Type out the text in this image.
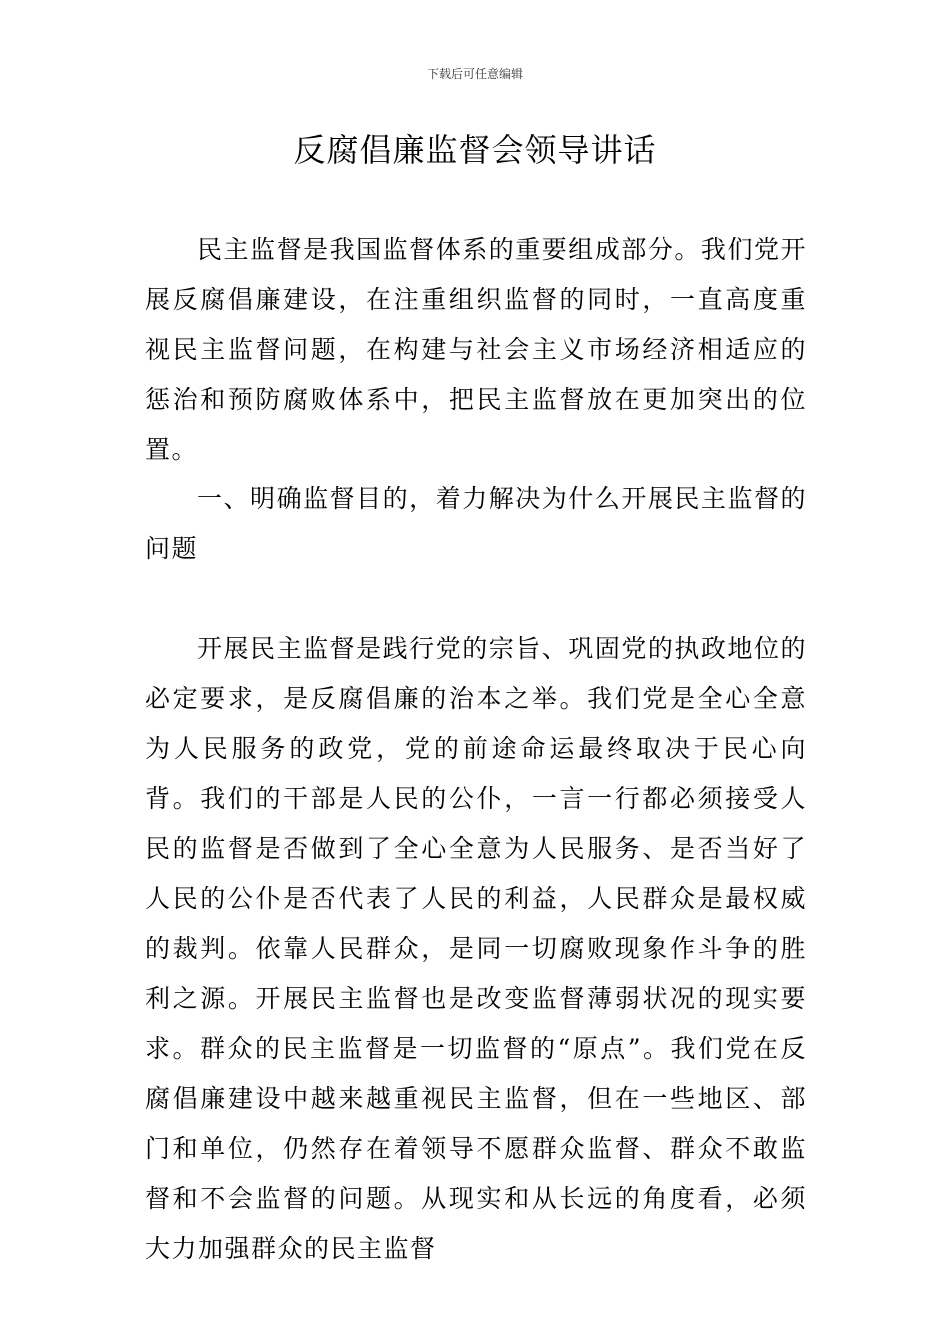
下载后可任意编辑
反腐倡廉监督会领导讲话

民主监督是我国监督体系的重要组成部分。我们党开展反腐倡廉建设，在注重组织监督的同时，一直高度重视民主监督问题，在构建与社会主义市场经济相适应的惩治和预防腐败体系中，把民主监督放在更加突出的位置。

一、明确监督目的，着力解决为什么开展民主监督的问题

开展民主监督是践行党的宗旨、巩固党的执政地位的必定要求，是反腐倡廉的治本之举。我们党是全心全意为人民服务的政党，党的前途命运最终取决于民心向背。我们的干部是人民的公仆，一言一行都必须接受人民的监督是否做到了全心全意为人民服务、是否当好了人民的公仆是否代表了人民的利益，人民群众是最权威的裁判。依靠人民群众，是同一切腐败现象作斗争的胜利之源。开展民主监督也是改变监督薄弱状况的现实要求。群众的民主监督是一切监督的“原点”。我们党在反腐倡廉建设中越来越重视民主监督，但在一些地区、部门和单位，仍然存在着领导不愿群众监督、群众不敢监督和不会监督的问题。从现实和从长远的角度看，必须大力加强群众的民主监督
